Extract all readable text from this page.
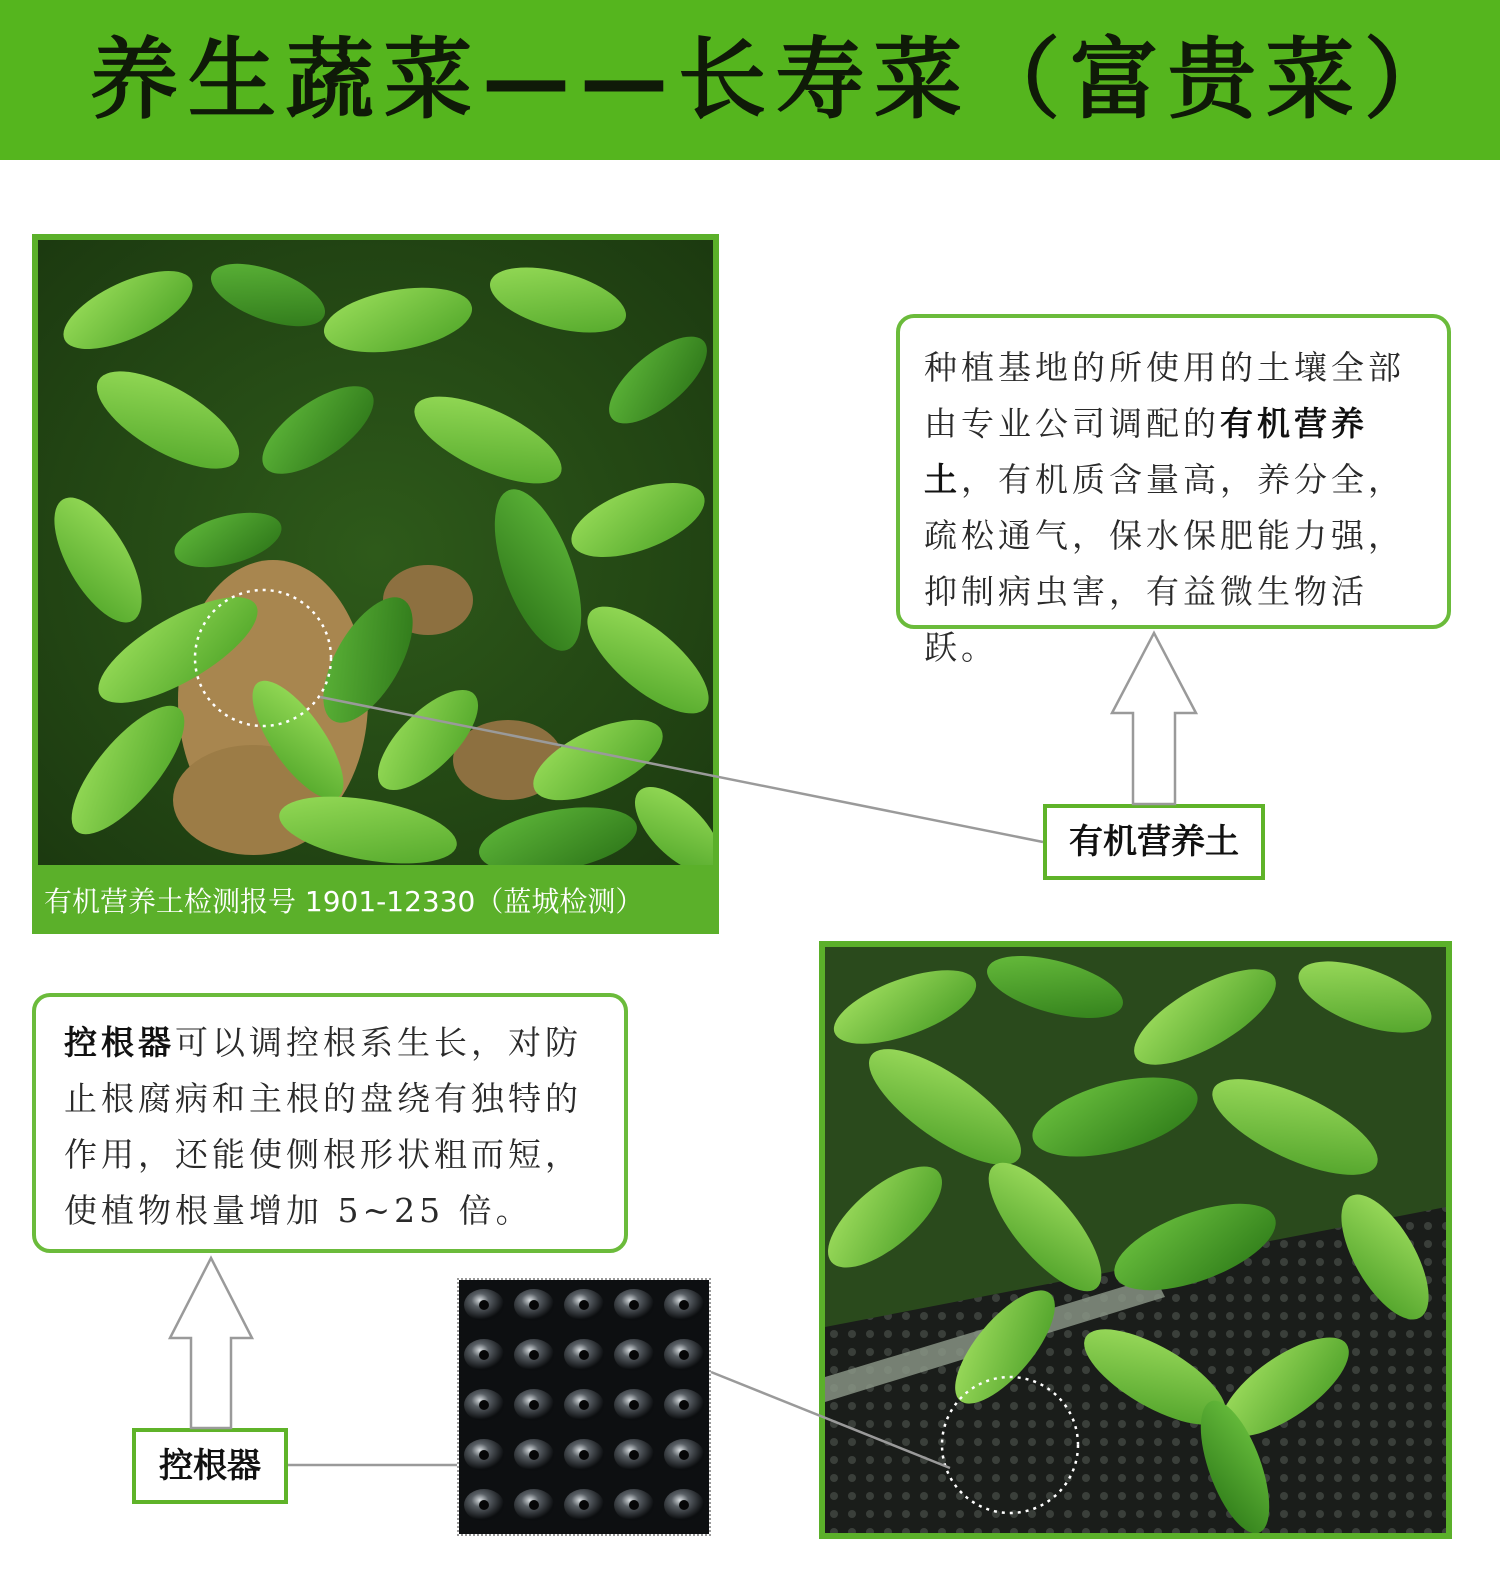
养生蔬菜——长寿菜（富贵菜）
有机营养土检测报号 1901-12330（蓝城检测）
种植基地的所使用的土壤全部由专业公司调配的有机营养土，有机质含量高，养分全，疏松通气，保水保肥能力强，抑制病虫害，有益微生物活跃。
有机营养土
控根器可以调控根系生长，对防止根腐病和主根的盘绕有独特的作用，还能使侧根形状粗而短，使植物根量增加 5~25 倍。
控根器
